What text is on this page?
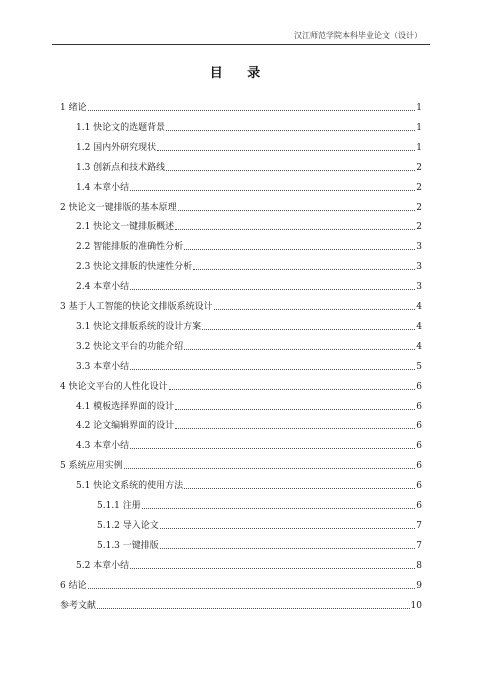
汉江师范学院本科毕业论文（设计）
目 录
1 绪论	1
1.1 快论文的选题背景	1
1.2 国内外研究现状	1
1.3 创新点和技术路线	2
1.4 本章小结	2
2 快论文一键排版的基本原理	2
2.1 快论文一键排版概述	2
2.2 智能排版的准确性分析	3
2.3 快论文排版的快速性分析	3
2.4 本章小结	3
3 基于人工智能的快论文排版系统设计	4
3.1 快论文排版系统的设计方案	4
3.2 快论文平台的功能介绍	4
3.3 本章小结	5
4 快论文平台的人性化设计	6
4.1 模板选择界面的设计	6
4.2 论文编辑界面的设计	6
4.3 本章小结	6
5 系统应用实例	6
5.1 快论文系统的使用方法	6
5.1.1 注册	6
5.1.2 导入论文	7
5.1.3 一键排版	7
5.2 本章小结	8
6 结论	9
参考文献	10
